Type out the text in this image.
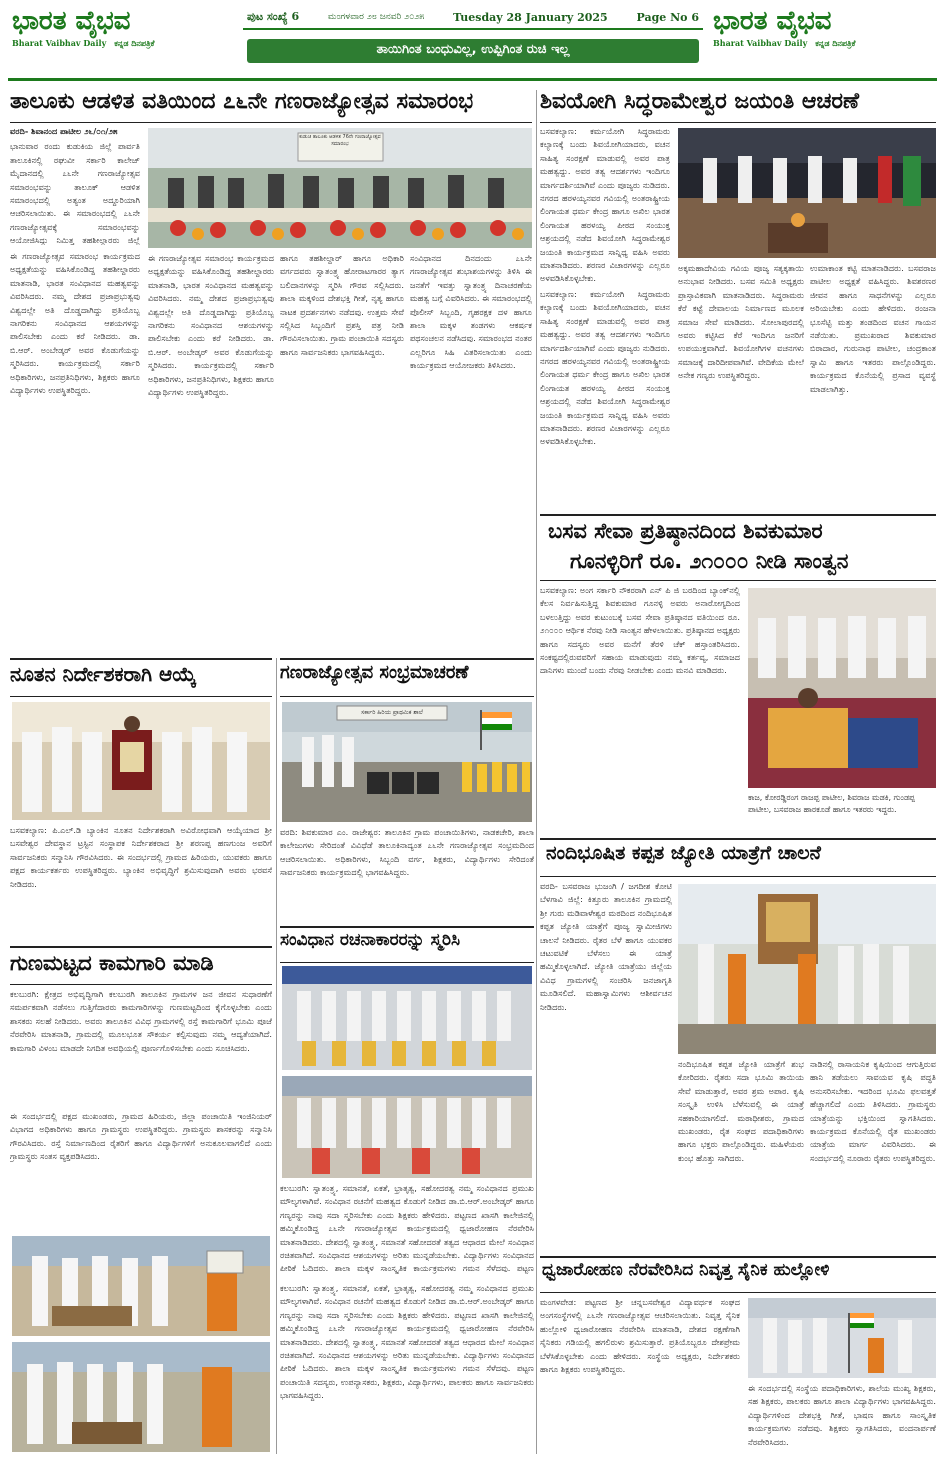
ಭಾರತ ವೈಭವ
Bharat Vaibhav Daily ಕನ್ನಡ ದಿನಪತ್ರಿಕೆ
ಪುಟ ಸಂಖ್ಯೆ 6	ಮಂಗಳವಾರ ೨೮ ಜನವರಿ ೨೦೨೫	Tuesday 28 January 2025	Page No 6
ತಾಯಿಗಿಂತ ಬಂಧುವಿಲ್ಲ, ಉಪ್ಪಿಗಿಂತ ರುಚಿ ಇಲ್ಲ
ಭಾರತ ವೈಭವ
Bharat Vaibhav Daily ಕನ್ನಡ ದಿನಪತ್ರಿಕೆ
ತಾಲೂಕು ಆಡಳಿತ ವತಿಯಿಂದ ೭೬ನೇ ಗಣರಾಜ್ಯೋತ್ಸವ ಸಮಾರಂಭ

ವರದಿ- ಶಿವಾನಂದ ಪಾಟೀಲ ೨೬/೦೧/೨೫

ಭಾನುವಾರ ರಂದು ಕುಡುಕಿಯ ಜಿಲ್ಲೆ ಪಾರ್ವತಿ ತಾಲೂಕಿನಲ್ಲಿ ರಘುವೀ ಸರ್ಕಾರಿ ಕಾಲೇಜ್ ಮೈದಾನದಲ್ಲಿ ೭೬ನೇ ಗಣರಾಜ್ಯೋತ್ಸವ ಸಮಾರಂಭವನ್ನು ತಾಲೂಕ್ ಆಡಳಿತ ಸಮಾರಂಭದಲ್ಲಿ ಅತ್ಯಂತ ಅದ್ದೂರಿಯಾಗಿ ಆಚರಿಸಲಾಯಿತು. ಈ ಸಮಾರಂಭದಲ್ಲಿ ೭೬ನೇ ಗಣರಾಜ್ಯೋತ್ಸವಕ್ಕೆ ಸಮಾರಂಭವನ್ನು ಆಯೋಜಿಸಿದ್ದು ನಿಮಿತ್ತ ತಹಶೀಲ್ದಾರರು ಜಿಲ್ಲೆ

ಕುಡುಚಿ ತಾಲೂಕು ಆಡಳಿತ 76ನೇ ಗಣರಾಜ್ಯೋತ್ಸವ ಸಮಾರಂಭ

ಈ ಗಣರಾಜ್ಯೋತ್ಸವ ಸಮಾರಂಭ ಕಾರ್ಯಕ್ರಮದ ಅಧ್ಯಕ್ಷತೆಯನ್ನು ವಹಿಸಿಕೊಂಡಿದ್ದ ತಹಶೀಲ್ದಾರರು ಮಾತನಾಡಿ, ಭಾರತ ಸಂವಿಧಾನದ ಮಹತ್ವವನ್ನು ವಿವರಿಸಿದರು. ನಮ್ಮ ದೇಶದ ಪ್ರಜಾಪ್ರಭುತ್ವವು ವಿಶ್ವದಲ್ಲೇ ಅತಿ ದೊಡ್ಡದಾಗಿದ್ದು ಪ್ರತಿಯೊಬ್ಬ ನಾಗರಿಕನು ಸಂವಿಧಾನದ ಆಶಯಗಳನ್ನು ಪಾಲಿಸಬೇಕು ಎಂದು ಕರೆ ನೀಡಿದರು. ಡಾ. ಬಿ.ಆರ್. ಅಂಬೇಡ್ಕರ್ ಅವರ ಕೊಡುಗೆಯನ್ನು ಸ್ಮರಿಸಿದರು. ಕಾರ್ಯಕ್ರಮದಲ್ಲಿ ಸರ್ಕಾರಿ ಅಧಿಕಾರಿಗಳು, ಜನಪ್ರತಿನಿಧಿಗಳು, ಶಿಕ್ಷಕರು ಹಾಗೂ ವಿದ್ಯಾರ್ಥಿಗಳು ಉಪಸ್ಥಿತರಿದ್ದರು.

ಈ ಗಣರಾಜ್ಯೋತ್ಸವ ಸಮಾರಂಭ ಕಾರ್ಯಕ್ರಮದ ಅಧ್ಯಕ್ಷತೆಯನ್ನು ವಹಿಸಿಕೊಂಡಿದ್ದ ತಹಶೀಲ್ದಾರರು ಮಾತನಾಡಿ, ಭಾರತ ಸಂವಿಧಾನದ ಮಹತ್ವವನ್ನು ವಿವರಿಸಿದರು. ನಮ್ಮ ದೇಶದ ಪ್ರಜಾಪ್ರಭುತ್ವವು ವಿಶ್ವದಲ್ಲೇ ಅತಿ ದೊಡ್ಡದಾಗಿದ್ದು ಪ್ರತಿಯೊಬ್ಬ ನಾಗರಿಕನು ಸಂವಿಧಾನದ ಆಶಯಗಳನ್ನು ಪಾಲಿಸಬೇಕು ಎಂದು ಕರೆ ನೀಡಿದರು. ಡಾ. ಬಿ.ಆರ್. ಅಂಬೇಡ್ಕರ್ ಅವರ ಕೊಡುಗೆಯನ್ನು ಸ್ಮರಿಸಿದರು. ಕಾರ್ಯಕ್ರಮದಲ್ಲಿ ಸರ್ಕಾರಿ ಅಧಿಕಾರಿಗಳು, ಜನಪ್ರತಿನಿಧಿಗಳು, ಶಿಕ್ಷಕರು ಹಾಗೂ ವಿದ್ಯಾರ್ಥಿಗಳು ಉಪಸ್ಥಿತರಿದ್ದರು.

ಹಾಗೂ ತಹಶೀಲ್ದಾರ್ ಹಾಗೂ ಅಧಿಕಾರಿ ವರ್ಗದವರು ಸ್ವಾತಂತ್ರ್ಯ ಹೋರಾಟಗಾರರ ತ್ಯಾಗ ಬಲಿದಾನಗಳನ್ನು ಸ್ಮರಿಸಿ ಗೌರವ ಸಲ್ಲಿಸಿದರು. ಶಾಲಾ ಮಕ್ಕಳಿಂದ ದೇಶಭಕ್ತಿ ಗೀತೆ, ನೃತ್ಯ ಹಾಗೂ ನಾಟಕ ಪ್ರದರ್ಶನಗಳು ನಡೆದವು. ಉತ್ತಮ ಸೇವೆ ಸಲ್ಲಿಸಿದ ಸಿಬ್ಬಂದಿಗೆ ಪ್ರಶಸ್ತಿ ಪತ್ರ ನೀಡಿ ಗೌರವಿಸಲಾಯಿತು. ಗ್ರಾಮ ಪಂಚಾಯಿತಿ ಸದಸ್ಯರು ಹಾಗೂ ಸಾರ್ವಜನಿಕರು ಭಾಗವಹಿಸಿದ್ದರು.

ಸಂವಿಧಾನದ ದಿನದಂದು ೭೬ನೇ ಗಣರಾಜ್ಯೋತ್ಸವ ಶುಭಾಶಯಗಳನ್ನು ತಿಳಿಸಿ ಈ ಜನತೆಗೆ ಇವತ್ತು ಸ್ವಾತಂತ್ರ್ಯ ದಿನಾಚರಣೆಯ ಮಹತ್ವ ಬಗ್ಗೆ ವಿವರಿಸಿದರು. ಈ ಸಮಾರಂಭದಲ್ಲಿ ಪೊಲೀಸ್ ಸಿಬ್ಬಂದಿ, ಗೃಹರಕ್ಷಕ ದಳ ಹಾಗೂ ಶಾಲಾ ಮಕ್ಕಳ ತಂಡಗಳು ಆಕರ್ಷಕ ಪಥಸಂಚಲನ ನಡೆಸಿದವು. ಸಮಾರಂಭದ ನಂತರ ಎಲ್ಲರಿಗೂ ಸಿಹಿ ವಿತರಿಸಲಾಯಿತು ಎಂದು ಕಾರ್ಯಕ್ರಮದ ಆಯೋಜಕರು ತಿಳಿಸಿದರು.

ಶಿವಯೋಗಿ ಸಿದ್ಧರಾಮೇಶ್ವರ ಜಯಂತಿ ಆಚರಣೆ

ಬಸವಕಲ್ಯಾಣ: ಕರ್ಮಯೋಗಿ ಸಿದ್ಧರಾಮರು ಕಲ್ಯಾಣಕ್ಕೆ ಬಂದು ಶಿವಯೋಗಿಯಾದರು, ವಚನ ಸಾಹಿತ್ಯ ಸಂರಕ್ಷಣೆ ಮಾಡುವಲ್ಲಿ ಅವರ ಪಾತ್ರ ಮಹತ್ವದ್ದು. ಅವರ ತತ್ವ ಆದರ್ಶಗಳು ಇಂದಿಗೂ ಮಾರ್ಗದರ್ಶಿಯಾಗಿವೆ ಎಂದು ಪೂಜ್ಯರು ನುಡಿದರು. ನಗರದ ಹರಳಯ್ಯನವರ ಗವಿಯಲ್ಲಿ ಅಂತರಾಷ್ಟ್ರೀಯ ಲಿಂಗಾಯತ ಧರ್ಮ ಕೇಂದ್ರ ಹಾಗೂ ಅಖಿಲ ಭಾರತ ಲಿಂಗಾಯತ ಹರಳಯ್ಯ ಪೀಠದ ಸಂಯುಕ್ತ ಆಶ್ರಯದಲ್ಲಿ ನಡೆದ ಶಿವಯೋಗಿ ಸಿದ್ಧರಾಮೇಶ್ವರ ಜಯಂತಿ ಕಾರ್ಯಕ್ರಮದ ಸಾನ್ನಿಧ್ಯ ವಹಿಸಿ ಅವರು ಮಾತನಾಡಿದರು. ಶರಣರ ವಿಚಾರಗಳನ್ನು ಎಲ್ಲರೂ ಅಳವಡಿಸಿಕೊಳ್ಳಬೇಕು.

ಬಸವಕಲ್ಯಾಣ: ಕರ್ಮಯೋಗಿ ಸಿದ್ಧರಾಮರು ಕಲ್ಯಾಣಕ್ಕೆ ಬಂದು ಶಿವಯೋಗಿಯಾದರು, ವಚನ ಸಾಹಿತ್ಯ ಸಂರಕ್ಷಣೆ ಮಾಡುವಲ್ಲಿ ಅವರ ಪಾತ್ರ ಮಹತ್ವದ್ದು. ಅವರ ತತ್ವ ಆದರ್ಶಗಳು ಇಂದಿಗೂ ಮಾರ್ಗದರ್ಶಿಯಾಗಿವೆ ಎಂದು ಪೂಜ್ಯರು ನುಡಿದರು. ನಗರದ ಹರಳಯ್ಯನವರ ಗವಿಯಲ್ಲಿ ಅಂತರಾಷ್ಟ್ರೀಯ ಲಿಂಗಾಯತ ಧರ್ಮ ಕೇಂದ್ರ ಹಾಗೂ ಅಖಿಲ ಭಾರತ ಲಿಂಗಾಯತ ಹರಳಯ್ಯ ಪೀಠದ ಸಂಯುಕ್ತ ಆಶ್ರಯದಲ್ಲಿ ನಡೆದ ಶಿವಯೋಗಿ ಸಿದ್ಧರಾಮೇಶ್ವರ ಜಯಂತಿ ಕಾರ್ಯಕ್ರಮದ ಸಾನ್ನಿಧ್ಯ ವಹಿಸಿ ಅವರು ಮಾತನಾಡಿದರು. ಶರಣರ ವಿಚಾರಗಳನ್ನು ಎಲ್ಲರೂ ಅಳವಡಿಸಿಕೊಳ್ಳಬೇಕು.

ಅಕ್ಕಮಹಾದೇವಿಯ ಗವಿಯ ಪೂಜ್ಯ ಸತ್ಯಕ್ಕತಾಯಿ ಅನುಭಾವ ನೀಡಿದರು. ಬಸವ ಸಮಿತಿ ಅಧ್ಯಕ್ಷರು ಪ್ರಾಸ್ತಾವಿಕವಾಗಿ ಮಾತನಾಡಿದರು. ಸಿದ್ಧರಾಮರು ಕೆರೆ ಕಟ್ಟೆ ದೇವಾಲಯ ನಿರ್ಮಾಣದ ಮೂಲಕ ಸಮಾಜ ಸೇವೆ ಮಾಡಿದರು. ಸೋಲಾಪುರದಲ್ಲಿ ಅವರು ಕಟ್ಟಿಸಿದ ಕೆರೆ ಇಂದಿಗೂ ಜನರಿಗೆ ಉಪಯುಕ್ತವಾಗಿದೆ. ಶಿವಯೋಗಿಗಳ ವಚನಗಳು ಸಮಾಜಕ್ಕೆ ದಾರಿದೀಪವಾಗಿವೆ. ವೇದಿಕೆಯ ಮೇಲೆ ಅನೇಕ ಗಣ್ಯರು ಉಪಸ್ಥಿತರಿದ್ದರು.

ಉಮಾಕಾಂತ ಕಟ್ಟಿ ಮಾತನಾಡಿದರು. ಬಸವರಾಜ ಪಾಟೀಲ ಅಧ್ಯಕ್ಷತೆ ವಹಿಸಿದ್ದರು. ಶಿವಶರಣರ ಜೀವನ ಹಾಗೂ ಸಾಧನೆಗಳನ್ನು ಎಲ್ಲರೂ ಅರಿಯಬೇಕು ಎಂದು ಹೇಳಿದರು. ರಂಜನಾ ಭೂಸೆಟ್ಟಿ ಮತ್ತು ತಂಡದಿಂದ ವಚನ ಗಾಯನ ನಡೆಯಿತು. ಪ್ರಮುಖರಾದ ಶಿವಕುಮಾರ ಬಿರಾದಾರ, ಗುರುನಾಥ ಪಾಟೀಲ, ಚಂದ್ರಕಾಂತ ಸ್ವಾಮಿ ಹಾಗೂ ಇತರರು ಪಾಲ್ಗೊಂಡಿದ್ದರು. ಕಾರ್ಯಕ್ರಮದ ಕೊನೆಯಲ್ಲಿ ಪ್ರಸಾದ ವ್ಯವಸ್ಥೆ ಮಾಡಲಾಗಿತ್ತು.

ಬಸವ ಸೇವಾ ಪ್ರತಿಷ್ಠಾನದಿಂದ ಶಿವಕುಮಾರ
ಗೂನಳ್ಳಿರಿಗೆ ರೂ. ೨೧೦೦೦ ನೀಡಿ ಸಾಂತ್ವನ

ಬಸವಕಲ್ಯಾಣ: ಅಂಗ ಸರ್ಕಾರಿ ನೌಕರರಾಗಿ ಎನ್ ಪಿ ಜಿ ಬರದಿಂದ ಬ್ಯಾಂಕ್‌ನಲ್ಲಿ ಕೆಲಸ ನಿರ್ವಹಿಸುತ್ತಿದ್ದ ಶಿವಕುಮಾರ ಗೂನಳ್ಳಿ ಅವರು ಅನಾರೋಗ್ಯದಿಂದ ಬಳಲುತ್ತಿದ್ದು ಅವರ ಕುಟುಂಬಕ್ಕೆ ಬಸವ ಸೇವಾ ಪ್ರತಿಷ್ಠಾನದ ವತಿಯಿಂದ ರೂ. ೨೧೦೦೦ ಆರ್ಥಿಕ ನೆರವು ನೀಡಿ ಸಾಂತ್ವನ ಹೇಳಲಾಯಿತು. ಪ್ರತಿಷ್ಠಾನದ ಅಧ್ಯಕ್ಷರು ಹಾಗೂ ಸದಸ್ಯರು ಅವರ ಮನೆಗೆ ತೆರಳಿ ಚೆಕ್ ಹಸ್ತಾಂತರಿಸಿದರು. ಸಂಕಷ್ಟದಲ್ಲಿರುವವರಿಗೆ ಸಹಾಯ ಮಾಡುವುದು ನಮ್ಮ ಕರ್ತವ್ಯ, ಸಮಾಜದ ದಾನಿಗಳು ಮುಂದೆ ಬಂದು ನೆರವು ನೀಡಬೇಕು ಎಂದು ಮನವಿ ಮಾಡಿದರು.

ಕಾಜ, ಕೋರಡ್ಡಿರಂಗ ರಾಜಪ್ಪ ಪಾಟೀಲ, ಶಿವರಾಜ ಮಡಕಿ, ಗುಂಡಪ್ಪ ಪಾಟೀಲ, ಬಸವರಾಜ ಹಾರಕೂಡೆ ಹಾಗೂ ಇತರರು ಇದ್ದರು.
ನೂತನ ನಿರ್ದೇಶಕರಾಗಿ ಆಯ್ಕೆ

ಬಸವಕಲ್ಯಾಣ: ಪಿ.ಎಲ್.ಡಿ ಬ್ಯಾಂಕಿನ ನೂತನ ನಿರ್ದೇಶಕರಾಗಿ ಅವಿರೋಧವಾಗಿ ಆಯ್ಕೆಯಾದ ಶ್ರೀ ಬಸವೇಶ್ವರ ದೇವಸ್ಥಾನ ಟ್ರಸ್ಟಿನ ಸಂಸ್ಥಾಪಕ ನಿರ್ದೇಶಕರಾದ ಶ್ರೀ ಶರಣಪ್ಪ ಹಣಗುಂಜ ಅವರಿಗೆ ಸಾರ್ವಜನಿಕರು ಸನ್ಮಾನಿಸಿ ಗೌರವಿಸಿದರು. ಈ ಸಂದರ್ಭದಲ್ಲಿ ಗ್ರಾಮದ ಹಿರಿಯರು, ಯುವಕರು ಹಾಗೂ ಪಕ್ಷದ ಕಾರ್ಯಕರ್ತರು ಉಪಸ್ಥಿತರಿದ್ದರು. ಬ್ಯಾಂಕಿನ ಅಭಿವೃದ್ಧಿಗೆ ಶ್ರಮಿಸುವುದಾಗಿ ಅವರು ಭರವಸೆ ನೀಡಿದರು.

ಗಣರಾಜ್ಯೋತ್ಸವ ಸಂಭ್ರಮಾಚರಣೆ
ಸರ್ಕಾರಿ ಹಿರಿಯ ಪ್ರಾಥಮಿಕ ಶಾಲೆ

ವರದಿ: ಶಿವಕುಮಾರ ಎಂ. ರಾಜೇಶ್ವರ: ತಾಲೂಕಿನ ಗ್ರಾಮ ಪಂಚಾಯಿತಿಗಳು, ನಾಡಕಚೇರಿ, ಶಾಲಾ ಕಾಲೇಜುಗಳು ಸೇರಿದಂತೆ ವಿವಿಧೆಡೆ ತಾಲೂಕಿನಾದ್ಯಂತ ೭೬ನೇ ಗಣರಾಜ್ಯೋತ್ಸವ ಸಂಭ್ರಮದಿಂದ ಆಚರಿಸಲಾಯಿತು. ಅಧಿಕಾರಿಗಳು, ಸಿಬ್ಬಂದಿ ವರ್ಗ, ಶಿಕ್ಷಕರು, ವಿದ್ಯಾರ್ಥಿಗಳು ಸೇರಿದಂತೆ ಸಾರ್ವಜನಿಕರು ಕಾರ್ಯಕ್ರಮದಲ್ಲಿ ಭಾಗವಹಿಸಿದ್ದರು.

ಗುಣಮಟ್ಟದ ಕಾಮಗಾರಿ ಮಾಡಿ

ಕಲಬುರಗಿ: ಕ್ಷೇತ್ರದ ಅಭಿವೃದ್ಧಿಗಾಗಿ ಕಲಬುರಗಿ ತಾಲೂಕಿನ ಗ್ರಾಮಗಳ ಜನ ಜೀವನ ಸುಧಾರಣೆಗೆ ಸಮರ್ಪಕವಾಗಿ ನಡೆಸಲು ಗುತ್ತಿಗೆದಾರರು ಕಾಮಗಾರಿಗಳನ್ನು ಗುಣಮಟ್ಟದಿಂದ ಕೈಗೊಳ್ಳಬೇಕು ಎಂದು ಶಾಸಕರು ಸಲಹೆ ನೀಡಿದರು. ಅವರು ತಾಲೂಕಿನ ವಿವಿಧ ಗ್ರಾಮಗಳಲ್ಲಿ ರಸ್ತೆ ಕಾಮಗಾರಿಗೆ ಭೂಮಿ ಪೂಜೆ ನೆರವೇರಿಸಿ ಮಾತನಾಡಿ, ಗ್ರಾಮದಲ್ಲಿ ಮೂಲಭೂತ ಸೌಕರ್ಯ ಕಲ್ಪಿಸುವುದು ನಮ್ಮ ಆದ್ಯತೆಯಾಗಿದೆ. ಕಾಮಗಾರಿ ವಿಳಂಬ ಮಾಡದೇ ನಿಗದಿತ ಅವಧಿಯಲ್ಲಿ ಪೂರ್ಣಗೊಳಿಸಬೇಕು ಎಂದು ಸೂಚಿಸಿದರು.

ಈ ಸಂದರ್ಭದಲ್ಲಿ ಪಕ್ಷದ ಮುಖಂಡರು, ಗ್ರಾಮದ ಹಿರಿಯರು, ಜಿಲ್ಲಾ ಪಂಚಾಯಿತಿ ಇಂಜಿನಿಯರ್ ವಿಭಾಗದ ಅಧಿಕಾರಿಗಳು ಹಾಗೂ ಗ್ರಾಮಸ್ಥರು ಉಪಸ್ಥಿತರಿದ್ದರು. ಗ್ರಾಮಸ್ಥರು ಶಾಸಕರನ್ನು ಸನ್ಮಾನಿಸಿ ಗೌರವಿಸಿದರು. ರಸ್ತೆ ನಿರ್ಮಾಣದಿಂದ ರೈತರಿಗೆ ಹಾಗೂ ವಿದ್ಯಾರ್ಥಿಗಳಿಗೆ ಅನುಕೂಲವಾಗಲಿದೆ ಎಂದು ಗ್ರಾಮಸ್ಥರು ಸಂತಸ ವ್ಯಕ್ತಪಡಿಸಿದರು.

ಸಂವಿಧಾನ ರಚನಾಕಾರರನ್ನು ಸ್ಮರಿಸಿ

ಕಲಬುರಗಿ: ಸ್ವಾತಂತ್ರ್ಯ, ಸಮಾನತೆ, ಏಕತೆ, ಭ್ರಾತೃತ್ವ, ಸಹೋದರತ್ವ ನಮ್ಮ ಸಂವಿಧಾನದ ಪ್ರಮುಖ ಮೌಲ್ಯಗಳಾಗಿವೆ. ಸಂವಿಧಾನ ರಚನೆಗೆ ಮಹತ್ವದ ಕೊಡುಗೆ ನೀಡಿದ ಡಾ.ಬಿ.ಆರ್.ಅಂಬೇಡ್ಕರ್ ಹಾಗೂ ಗಣ್ಯರನ್ನು ನಾವು ಸದಾ ಸ್ಮರಿಸಬೇಕು ಎಂದು ಶಿಕ್ಷಕರು ಹೇಳಿದರು. ಪಟ್ಟಣದ ಖಾಸಗಿ ಕಾಲೇಜಿನಲ್ಲಿ ಹಮ್ಮಿಕೊಂಡಿದ್ದ ೭೬ನೇ ಗಣರಾಜ್ಯೋತ್ಸವ ಕಾರ್ಯಕ್ರಮದಲ್ಲಿ ಧ್ವಜಾರೋಹಣ ನೆರವೇರಿಸಿ ಮಾತನಾಡಿದರು. ದೇಶದಲ್ಲಿ ಸ್ವಾತಂತ್ರ್ಯ, ಸಮಾನತೆ ಸಹೋದರತೆ ತತ್ವದ ಆಧಾರದ ಮೇಲೆ ಸಂವಿಧಾನ ರಚಿತವಾಗಿದೆ. ಸಂವಿಧಾನದ ಆಶಯಗಳನ್ನು ಅರಿತು ಮುನ್ನಡೆಯಬೇಕು. ವಿದ್ಯಾರ್ಥಿಗಳು ಸಂವಿಧಾನದ ಪೀಠಿಕೆ ಓದಿದರು. ಶಾಲಾ ಮಕ್ಕಳ ಸಾಂಸ್ಕೃತಿಕ ಕಾರ್ಯಕ್ರಮಗಳು ಗಮನ ಸೆಳೆದವು. ಪಟ್ಟಣ

ಕಲಬುರಗಿ: ಸ್ವಾತಂತ್ರ್ಯ, ಸಮಾನತೆ, ಏಕತೆ, ಭ್ರಾತೃತ್ವ, ಸಹೋದರತ್ವ ನಮ್ಮ ಸಂವಿಧಾನದ ಪ್ರಮುಖ ಮೌಲ್ಯಗಳಾಗಿವೆ. ಸಂವಿಧಾನ ರಚನೆಗೆ ಮಹತ್ವದ ಕೊಡುಗೆ ನೀಡಿದ ಡಾ.ಬಿ.ಆರ್.ಅಂಬೇಡ್ಕರ್ ಹಾಗೂ ಗಣ್ಯರನ್ನು ನಾವು ಸದಾ ಸ್ಮರಿಸಬೇಕು ಎಂದು ಶಿಕ್ಷಕರು ಹೇಳಿದರು. ಪಟ್ಟಣದ ಖಾಸಗಿ ಕಾಲೇಜಿನಲ್ಲಿ ಹಮ್ಮಿಕೊಂಡಿದ್ದ ೭೬ನೇ ಗಣರಾಜ್ಯೋತ್ಸವ ಕಾರ್ಯಕ್ರಮದಲ್ಲಿ ಧ್ವಜಾರೋಹಣ ನೆರವೇರಿಸಿ ಮಾತನಾಡಿದರು. ದೇಶದಲ್ಲಿ ಸ್ವಾತಂತ್ರ್ಯ, ಸಮಾನತೆ ಸಹೋದರತೆ ತತ್ವದ ಆಧಾರದ ಮೇಲೆ ಸಂವಿಧಾನ ರಚಿತವಾಗಿದೆ. ಸಂವಿಧಾನದ ಆಶಯಗಳನ್ನು ಅರಿತು ಮುನ್ನಡೆಯಬೇಕು. ವಿದ್ಯಾರ್ಥಿಗಳು ಸಂವಿಧಾನದ ಪೀಠಿಕೆ ಓದಿದರು. ಶಾಲಾ ಮಕ್ಕಳ ಸಾಂಸ್ಕೃತಿಕ ಕಾರ್ಯಕ್ರಮಗಳು ಗಮನ ಸೆಳೆದವು. ಪಟ್ಟಣ ಪಂಚಾಯಿತಿ ಸದಸ್ಯರು, ಉಪನ್ಯಾಸಕರು, ಶಿಕ್ಷಕರು, ವಿದ್ಯಾರ್ಥಿಗಳು, ಪಾಲಕರು ಹಾಗೂ ಸಾರ್ವಜನಿಕರು ಭಾಗವಹಿಸಿದ್ದರು.

ನಂದಿಭೂಷಿತ ಕಪ್ಪತ ಜ್ಯೋತಿ ಯಾತ್ರೆಗೆ ಚಾಲನೆ

ವರದಿ- ಬಸವರಾಜ ಭುಜಂಗಿ / ಜಗದೀಶ ಕೋಟಿ ಬೆಳಗಾವಿ ಜಿಲ್ಲೆ: ಕಿತ್ತೂರು ತಾಲೂಕಿನ ಗ್ರಾಮದಲ್ಲಿ ಶ್ರೀ ಗುರು ಮಡಿವಾಳೇಶ್ವರ ಮಠದಿಂದ ನಂದಿಭೂಷಿತ ಕಪ್ಪತ ಜ್ಯೋತಿ ಯಾತ್ರೆಗೆ ಪೂಜ್ಯ ಸ್ವಾಮೀಜಿಗಳು ಚಾಲನೆ ನೀಡಿದರು. ರೈತರ ಬೆಳೆ ಹಾಗೂ ಯುವಕರ ಚಟುವಟಿಕೆ ಬೆಳೆಸಲು ಈ ಯಾತ್ರೆ ಹಮ್ಮಿಕೊಳ್ಳಲಾಗಿದೆ. ಜ್ಯೋತಿ ಯಾತ್ರೆಯು ಜಿಲ್ಲೆಯ ವಿವಿಧ ಗ್ರಾಮಗಳಲ್ಲಿ ಸಂಚರಿಸಿ ಜನಜಾಗೃತಿ ಮೂಡಿಸಲಿದೆ. ಮಹಾಸ್ವಾಮಿಗಳು ಆಶೀರ್ವಚನ ನೀಡಿದರು.

ನಂದಿಭೂಷಿತ ಕಪ್ಪತ ಜ್ಯೋತಿ ಯಾತ್ರೆಗೆ ಶುಭ ಕೋರಿದರು. ರೈತರು ಸದಾ ಭೂಮಿ ತಾಯಿಯ ಸೇವೆ ಮಾಡುತ್ತಾರೆ, ಅವರ ಶ್ರಮ ಅಪಾರ. ಕೃಷಿ ಸಂಸ್ಕೃತಿ ಉಳಿಸಿ ಬೆಳೆಸುವಲ್ಲಿ ಈ ಯಾತ್ರೆ ಸಹಕಾರಿಯಾಗಲಿದೆ. ಮಠಾಧೀಶರು, ಗ್ರಾಮದ ಮುಖಂಡರು, ರೈತ ಸಂಘದ ಪದಾಧಿಕಾರಿಗಳು ಹಾಗೂ ಭಕ್ತರು ಪಾಲ್ಗೊಂಡಿದ್ದರು. ಮಹಿಳೆಯರು ಕುಂಭ ಹೊತ್ತು ಸಾಗಿದರು.

ನಾಡಿನಲ್ಲಿ ರಾಸಾಯನಿಕ ಕೃಷಿಯಿಂದ ಆಗುತ್ತಿರುವ ಹಾನಿ ತಡೆಯಲು ಸಾವಯವ ಕೃಷಿ ಪದ್ಧತಿ ಅನುಸರಿಸಬೇಕು. ಇದರಿಂದ ಭೂಮಿ ಫಲವತ್ತತೆ ಹೆಚ್ಚಾಗಲಿದೆ ಎಂದು ತಿಳಿಸಿದರು. ಗ್ರಾಮಸ್ಥರು ಯಾತ್ರೆಯನ್ನು ಭಕ್ತಿಯಿಂದ ಸ್ವಾಗತಿಸಿದರು. ಕಾರ್ಯಕ್ರಮದ ಕೊನೆಯಲ್ಲಿ ರೈತ ಮುಖಂಡರು ಯಾತ್ರೆಯ ಮಾರ್ಗ ವಿವರಿಸಿದರು. ಈ ಸಂದರ್ಭದಲ್ಲಿ ನೂರಾರು ರೈತರು ಉಪಸ್ಥಿತರಿದ್ದರು.

ಧ್ವಜಾರೋಹಣ ನೆರವೇರಿಸಿದ ನಿವೃತ್ತ ಸೈನಿಕ ಹುಲ್ಲೋಳಿ

ಮಂಗಳವೇಡ: ಪಟ್ಟಣದ ಶ್ರೀ ಚನ್ನಬಸವೇಶ್ವರ ವಿದ್ಯಾವರ್ಧಕ ಸಂಘದ ಅಂಗಸಂಸ್ಥೆಗಳಲ್ಲಿ ೭೬ನೇ ಗಣರಾಜ್ಯೋತ್ಸವ ಆಚರಿಸಲಾಯಿತು. ನಿವೃತ್ತ ಸೈನಿಕ ಹುಲ್ಲೋಳಿ ಧ್ವಜಾರೋಹಣ ನೆರವೇರಿಸಿ ಮಾತನಾಡಿ, ದೇಶದ ರಕ್ಷಣೆಗಾಗಿ ಸೈನಿಕರು ಗಡಿಯಲ್ಲಿ ಹಗಲಿರುಳು ಶ್ರಮಿಸುತ್ತಾರೆ. ಪ್ರತಿಯೊಬ್ಬರೂ ದೇಶಪ್ರೇಮ ಬೆಳೆಸಿಕೊಳ್ಳಬೇಕು ಎಂದು ಹೇಳಿದರು. ಸಂಸ್ಥೆಯ ಅಧ್ಯಕ್ಷರು, ನಿರ್ದೇಶಕರು ಹಾಗೂ ಶಿಕ್ಷಕರು ಉಪಸ್ಥಿತರಿದ್ದರು.

ಈ ಸಂದರ್ಭದಲ್ಲಿ ಸಂಸ್ಥೆಯ ಪದಾಧಿಕಾರಿಗಳು, ಶಾಲೆಯ ಮುಖ್ಯ ಶಿಕ್ಷಕರು, ಸಹ ಶಿಕ್ಷಕರು, ಪಾಲಕರು ಹಾಗೂ ಶಾಲಾ ವಿದ್ಯಾರ್ಥಿಗಳು ಭಾಗವಹಿಸಿದ್ದರು. ವಿದ್ಯಾರ್ಥಿಗಳಿಂದ ದೇಶಭಕ್ತಿ ಗೀತೆ, ಭಾಷಣ ಹಾಗೂ ಸಾಂಸ್ಕೃತಿಕ ಕಾರ್ಯಕ್ರಮಗಳು ನಡೆದವು. ಶಿಕ್ಷಕರು ಸ್ವಾಗತಿಸಿದರು, ವಂದನಾರ್ಪಣೆ ನೆರವೇರಿಸಿದರು.
